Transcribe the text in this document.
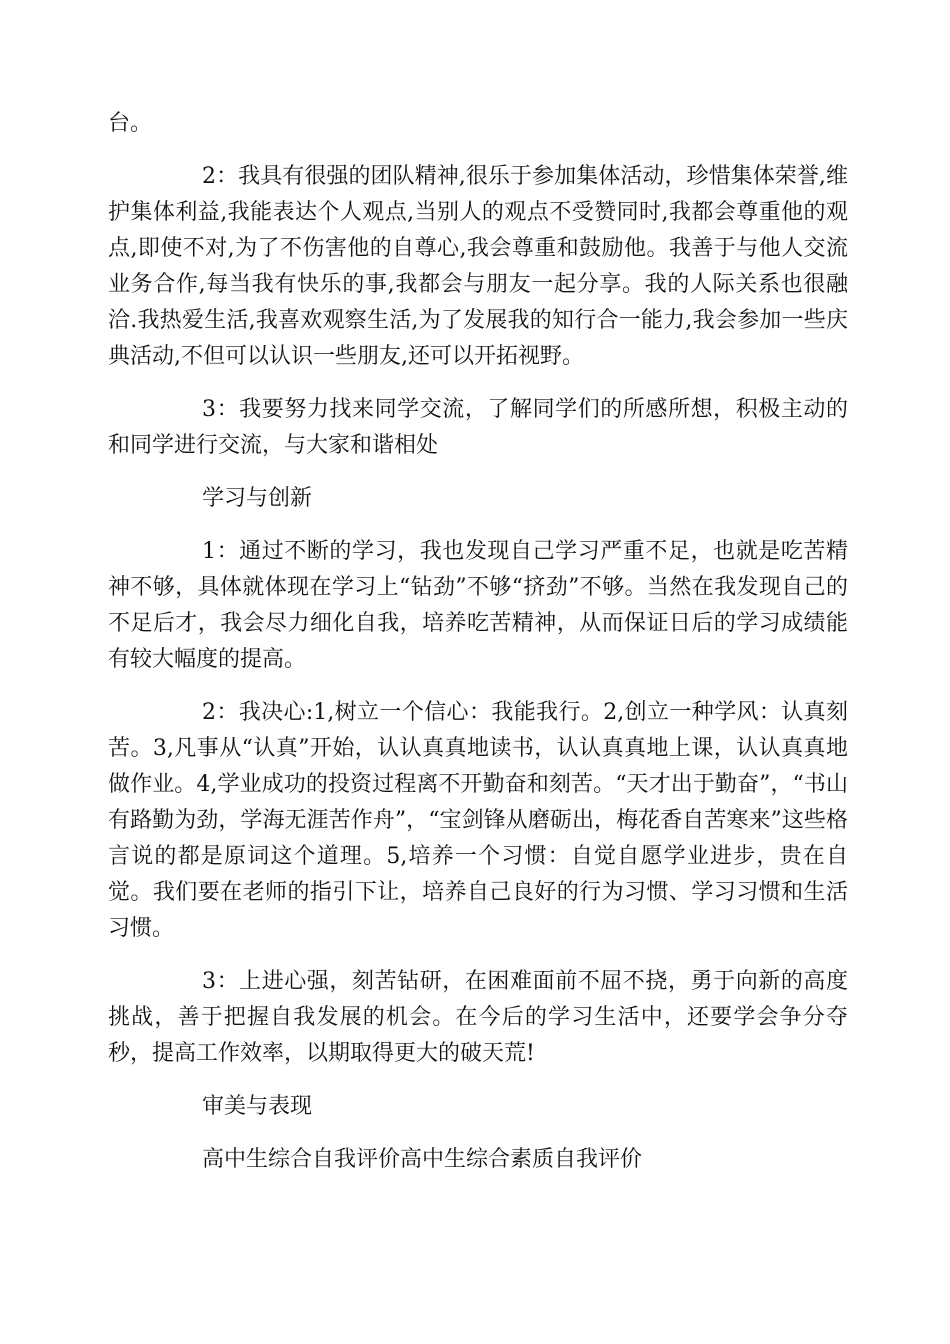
台。

2：我具有很强的团队精神,很乐于参加集体活动，珍惜集体荣誉,维护集体利益,我能表达个人观点,当别人的观点不受赞同时,我都会尊重他的观点,即使不对,为了不伤害他的自尊心,我会尊重和鼓励他。我善于与他人交流业务合作,每当我有快乐的事,我都会与朋友一起分享。我的人际关系也很融洽.我热爱生活,我喜欢观察生活,为了发展我的知行合一能力,我会参加一些庆典活动,不但可以认识一些朋友,还可以开拓视野。

3：我要努力找来同学交流，了解同学们的所感所想，积极主动的和同学进行交流，与大家和谐相处

学习与创新

1：通过不断的学习，我也发现自己学习严重不足，也就是吃苦精神不够，具体就体现在学习上“钻劲”不够“挤劲”不够。当然在我发现自己的不足后才，我会尽力细化自我，培养吃苦精神，从而保证日后的学习成绩能有较大幅度的提高。

2：我决心:1,树立一个信心：我能我行。2,创立一种学风：认真刻苦。3,凡事从“认真”开始，认认真真地读书，认认真真地上课，认认真真地做作业。4,学业成功的投资过程离不开勤奋和刻苦。“天才出于勤奋”，“书山有路勤为劲，学海无涯苦作舟”，“宝剑锋从磨砺出，梅花香自苦寒来”这些格言说的都是原词这个道理。5,培养一个习惯：自觉自愿学业进步，贵在自觉。我们要在老师的指引下让，培养自己良好的行为习惯、学习习惯和生活习惯。

3：上进心强，刻苦钻研，在困难面前不屈不挠，勇于向新的高度挑战，善于把握自我发展的机会。在今后的学习生活中，还要学会争分夺秒，提高工作效率，以期取得更大的破天荒!

审美与表现

高中生综合自我评价高中生综合素质自我评价
